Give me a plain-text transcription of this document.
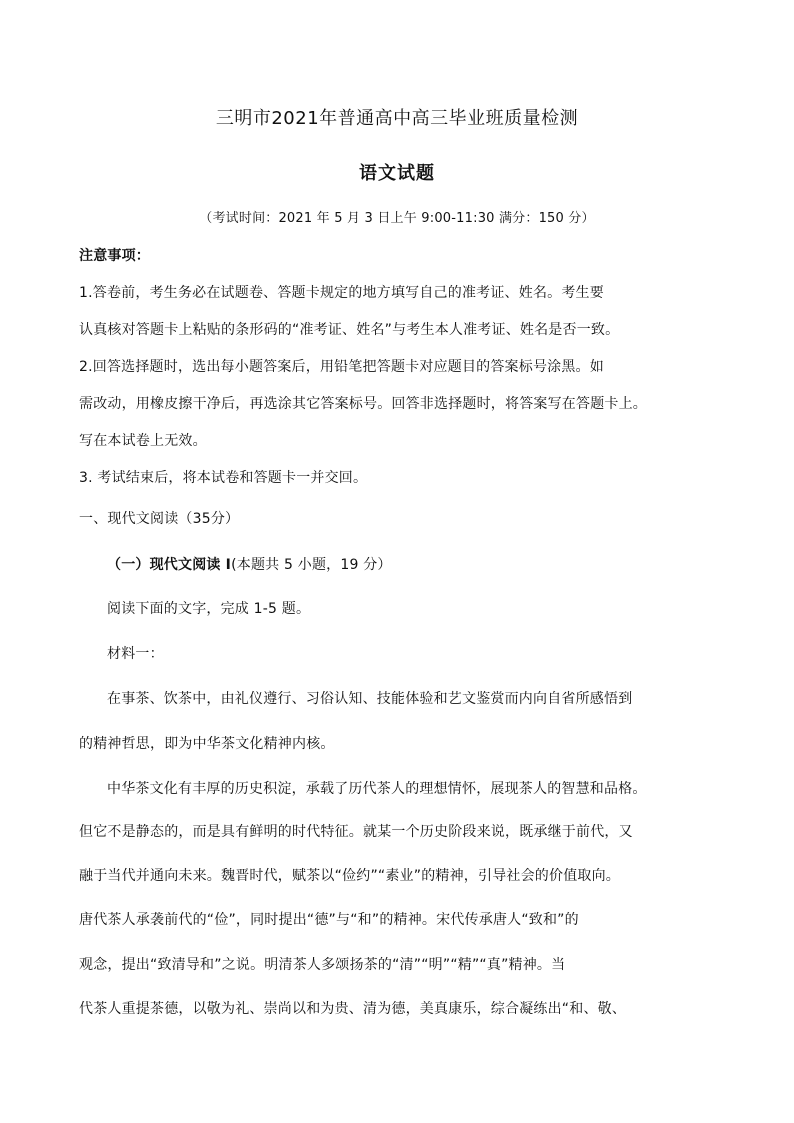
三明市2021年普通高中高三毕业班质量检测
语文试题
（考试时间：2021 年 5 月 3 日上午 9:00-11:30 满分：150 分）
注意事项：
1.答卷前，考生务必在试题卷、答题卡规定的地方填写自己的准考证、姓名。考生要
认真核对答题卡上粘贴的条形码的“准考证、姓名”与考生本人准考证、姓名是否一致。
2.回答选择题时，选出每小题答案后，用铅笔把答题卡对应题目的答案标号涂黑。如
需改动，用橡皮擦干净后，再选涂其它答案标号。回答非选择题时，将答案写在答题卡上。
写在本试卷上无效。
3. 考试结束后，将本试卷和答题卡一并交回。
一、现代文阅读（35分）
（一）现代文阅读 I(本题共 5 小题，19 分）
阅读下面的文字，完成 1-5 题。
材料一：
在事茶、饮茶中，由礼仪遵行、习俗认知、技能体验和艺文鉴赏而内向自省所感悟到
的精神哲思，即为中华茶文化精神内核。
中华茶文化有丰厚的历史积淀，承载了历代茶人的理想情怀，展现茶人的智慧和品格。
但它不是静态的，而是具有鲜明的时代特征。就某一个历史阶段来说，既承继于前代，又
融于当代并通向未来。魏晋时代，赋茶以“俭约”“素业”的精神，引导社会的价值取向。
唐代茶人承袭前代的“俭”，同时提出“德”与“和”的精神。宋代传承唐人“致和”的
观念，提出“致清导和”之说。明清茶人多颂扬茶的“清”“明”“精”“真”精神。当
代茶人重提茶德，以敬为礼、崇尚以和为贵、清为德，美真康乐，综合凝练出“和、敬、
